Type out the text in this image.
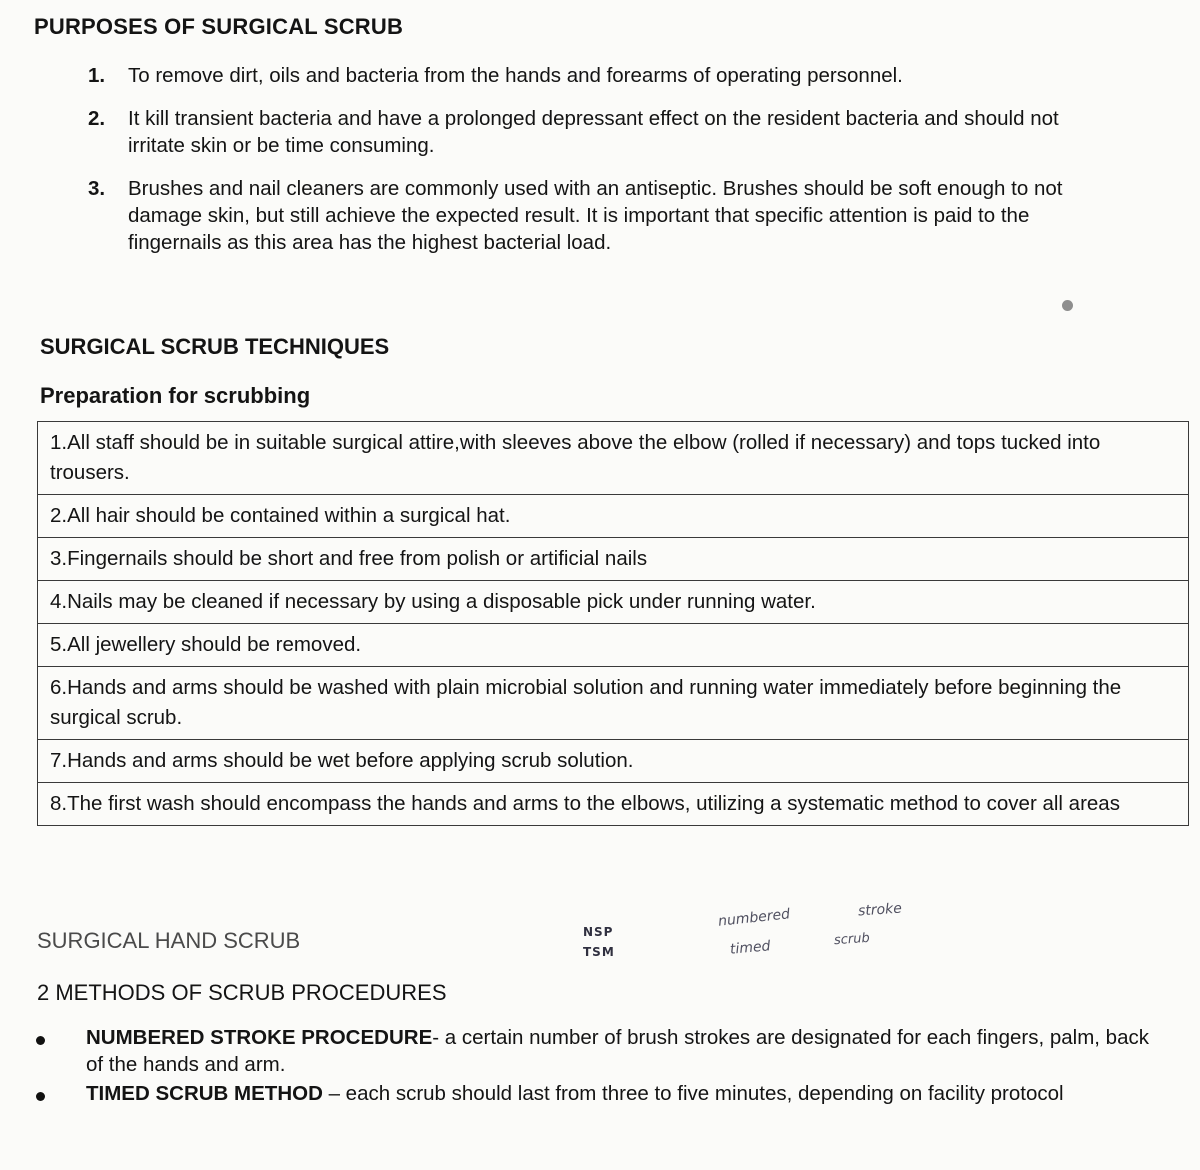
PURPOSES OF SURGICAL SCRUB
1. To remove dirt, oils and bacteria from the hands and forearms of operating personnel.
2. It kill transient bacteria and have a prolonged depressant effect on the resident bacteria and should not irritate skin or be time consuming.
3. Brushes and nail cleaners are commonly used with an antiseptic. Brushes should be soft enough to not damage skin, but still achieve the expected result. It is important that specific attention is paid to the fingernails as this area has the highest bacterial load.
SURGICAL SCRUB TECHNIQUES
Preparation for scrubbing
1.All staff should be in suitable surgical attire,with sleeves above the elbow (rolled if necessary) and tops tucked into trousers.
2.All hair should be contained within a surgical hat.
3.Fingernails should be short and free from polish or artificial nails
4.Nails may be cleaned if necessary by using a disposable pick under running water.
5.All jewellery should be removed.
6.Hands and arms should be washed with plain microbial solution and running water immediately before beginning the surgical scrub.
7.Hands and arms should be wet before applying scrub solution.
8.The first wash should encompass the hands and arms to the elbows, utilizing a systematic method to cover all areas
SURGICAL HAND SCRUB	NSP
TSM
numbered	stroke
timed	scrub
2 METHODS OF SCRUB PROCEDURES
NUMBERED STROKE PROCEDURE- a certain number of brush strokes are designated for each fingers, palm, back of the hands and arm.
TIMED SCRUB METHOD – each scrub should last from three to five minutes, depending on facility protocol
